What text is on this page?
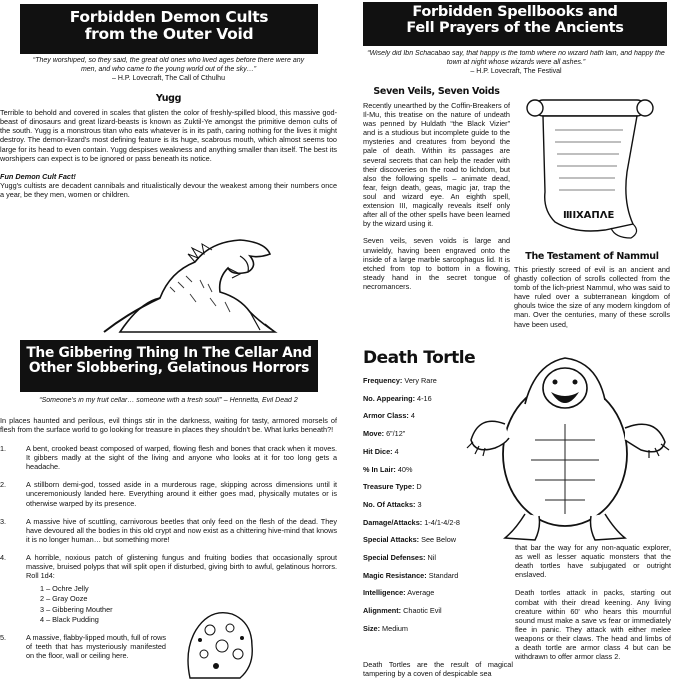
Forbidden Demon Cults
from the Outer Void
“They worshiped, so they said, the great old ones who lived ages before there were any men, and who came to the young world out of the sky…”
– H.P. Lovecraft, The Call of Cthulhu
Yugg

Terrible to behold and covered in scales that glisten the color of freshly-spilled blood, this massive god-beast of dinosaurs and great lizard-beasts is known as Zuktil-Ye amongst the primitive demon cults of the south. Yugg is a monstrous titan who eats whatever is in its path, caring nothing for the lives it might destroy. The demon-lizard's most defining feature is its huge, scabrous mouth, which almost seems too large for its head to even contain. Yugg despises weakness and anything smaller than itself. The best its worshipers can expect is to be ignored or pass beneath its notice.

Fun Demon Cult Fact!

Yugg's cultists are decadent cannibals and ritualistically devour the weakest among their numbers once a year, be they men, women or children.

The Gibbering Thing In The Cellar And
Other Slobbering, Gelatinous Horrors
“Someone's in my fruit cellar… someone with a fresh soul!” – Henrietta, Evil Dead 2

In places haunted and perilous, evil things stir in the darkness, waiting for tasty, armored morsels of flesh from the surface world to go looking for treasure in places they shouldn't be. What lurks beneath?!

1.	A bent, crooked beast composed of warped, flowing flesh and bones that crack when it moves. It gibbers madly at the sight of the living and anyone who looks at it for too long gets a headache.
2.	A stillborn demi-god, tossed aside in a murderous rage, skipping across dimensions until it unceremoniously landed here. Everything around it either goes mad, physically mutates or is otherwise warped by its presence.
3.	A massive hive of scuttling, carnivorous beetles that only feed on the flesh of the dead. They have devoured all the bodies in this old crypt and now exist as a chittering hive-mind that knows it is no longer human… but something more!
4.	A horrible, noxious patch of glistening fungus and fruiting bodies that occasionally sprout massive, bruised polyps that will split open if disturbed, giving birth to awful, gelatinous horrors. Roll 1d4:
1 – Ochre Jelly
2 – Gray Ooze
3 – Gibbering Mouther
4 – Black Pudding
5.	A massive, flabby-lipped mouth, full of rows of teeth that has mysteriously manifested on the floor, wall or ceiling here.
Forbidden Spellbooks and
Fell Prayers of the Ancients
“Wisely did Ibn Schacabao say, that happy is the tomb where no wizard hath lain, and happy the town at night whose wizards were all ashes.”
– H.P. Lovecraft, The Festival
Seven Veils, Seven Voids

Recently unearthed by the Coffin-Breakers of Il-Mu, this treatise on the nature of undeath was penned by Huldath “the Black Vizier” and is a studious but incomplete guide to the mysteries and creatures from beyond the pale of death. Within its passages are several secrets that can help the reader with their discoveries on the road to lichdom, but also the following spells – animate dead, fear, feign death, geas, magic jar, trap the soul and wizard eye. An eighth spell, extension III, magically reveals itself only after all of the other spells have been learned by the wizard using it.

Seven veils, seven voids is large and unwieldy, having been engraved onto the inside of a large marble sarcophagus lid. It is etched from top to bottom in a flowing, steady hand in the secret tongue of necromancers.

ⅢⅨΑΠΛΕ
The Testament of Nammul

This priestly screed of evil is an ancient and ghastly collection of scrolls collected from the tomb of the lich-priest Nammul, who was said to have ruled over a subterranean kingdom of ghouls twice the size of any modern kingdom of man. Over the centuries, many of these scrolls have been used,

Death Tortle
Frequency: Very Rare
No. Appearing: 4-16
Armor Class: 4
Move: 6”/12”
Hit Dice: 4
% In Lair: 40%
Treasure Type: D
No. Of Attacks: 3
Damage/Attacks: 1-4/1-4/2-8
Special Attacks: See Below
Special Defenses: Nil
Magic Resistance: Standard
Intelligence: Average
Alignment: Chaotic Evil
Size: Medium

Death Tortles are the result of magical tampering by a coven of despicable sea

that bar the way for any non-aquatic explorer, as well as lesser aquatic monsters that the death tortles have subjugated or outright enslaved.

Death tortles attack in packs, starting out combat with their dread keening. Any living creature within 60' who hears this mournful sound must make a save vs fear or immediately flee in panic. They attack with either melee weapons or their claws. The head and limbs of a death tortle are armor class 4 but can be withdrawn to offer armor class 2.
